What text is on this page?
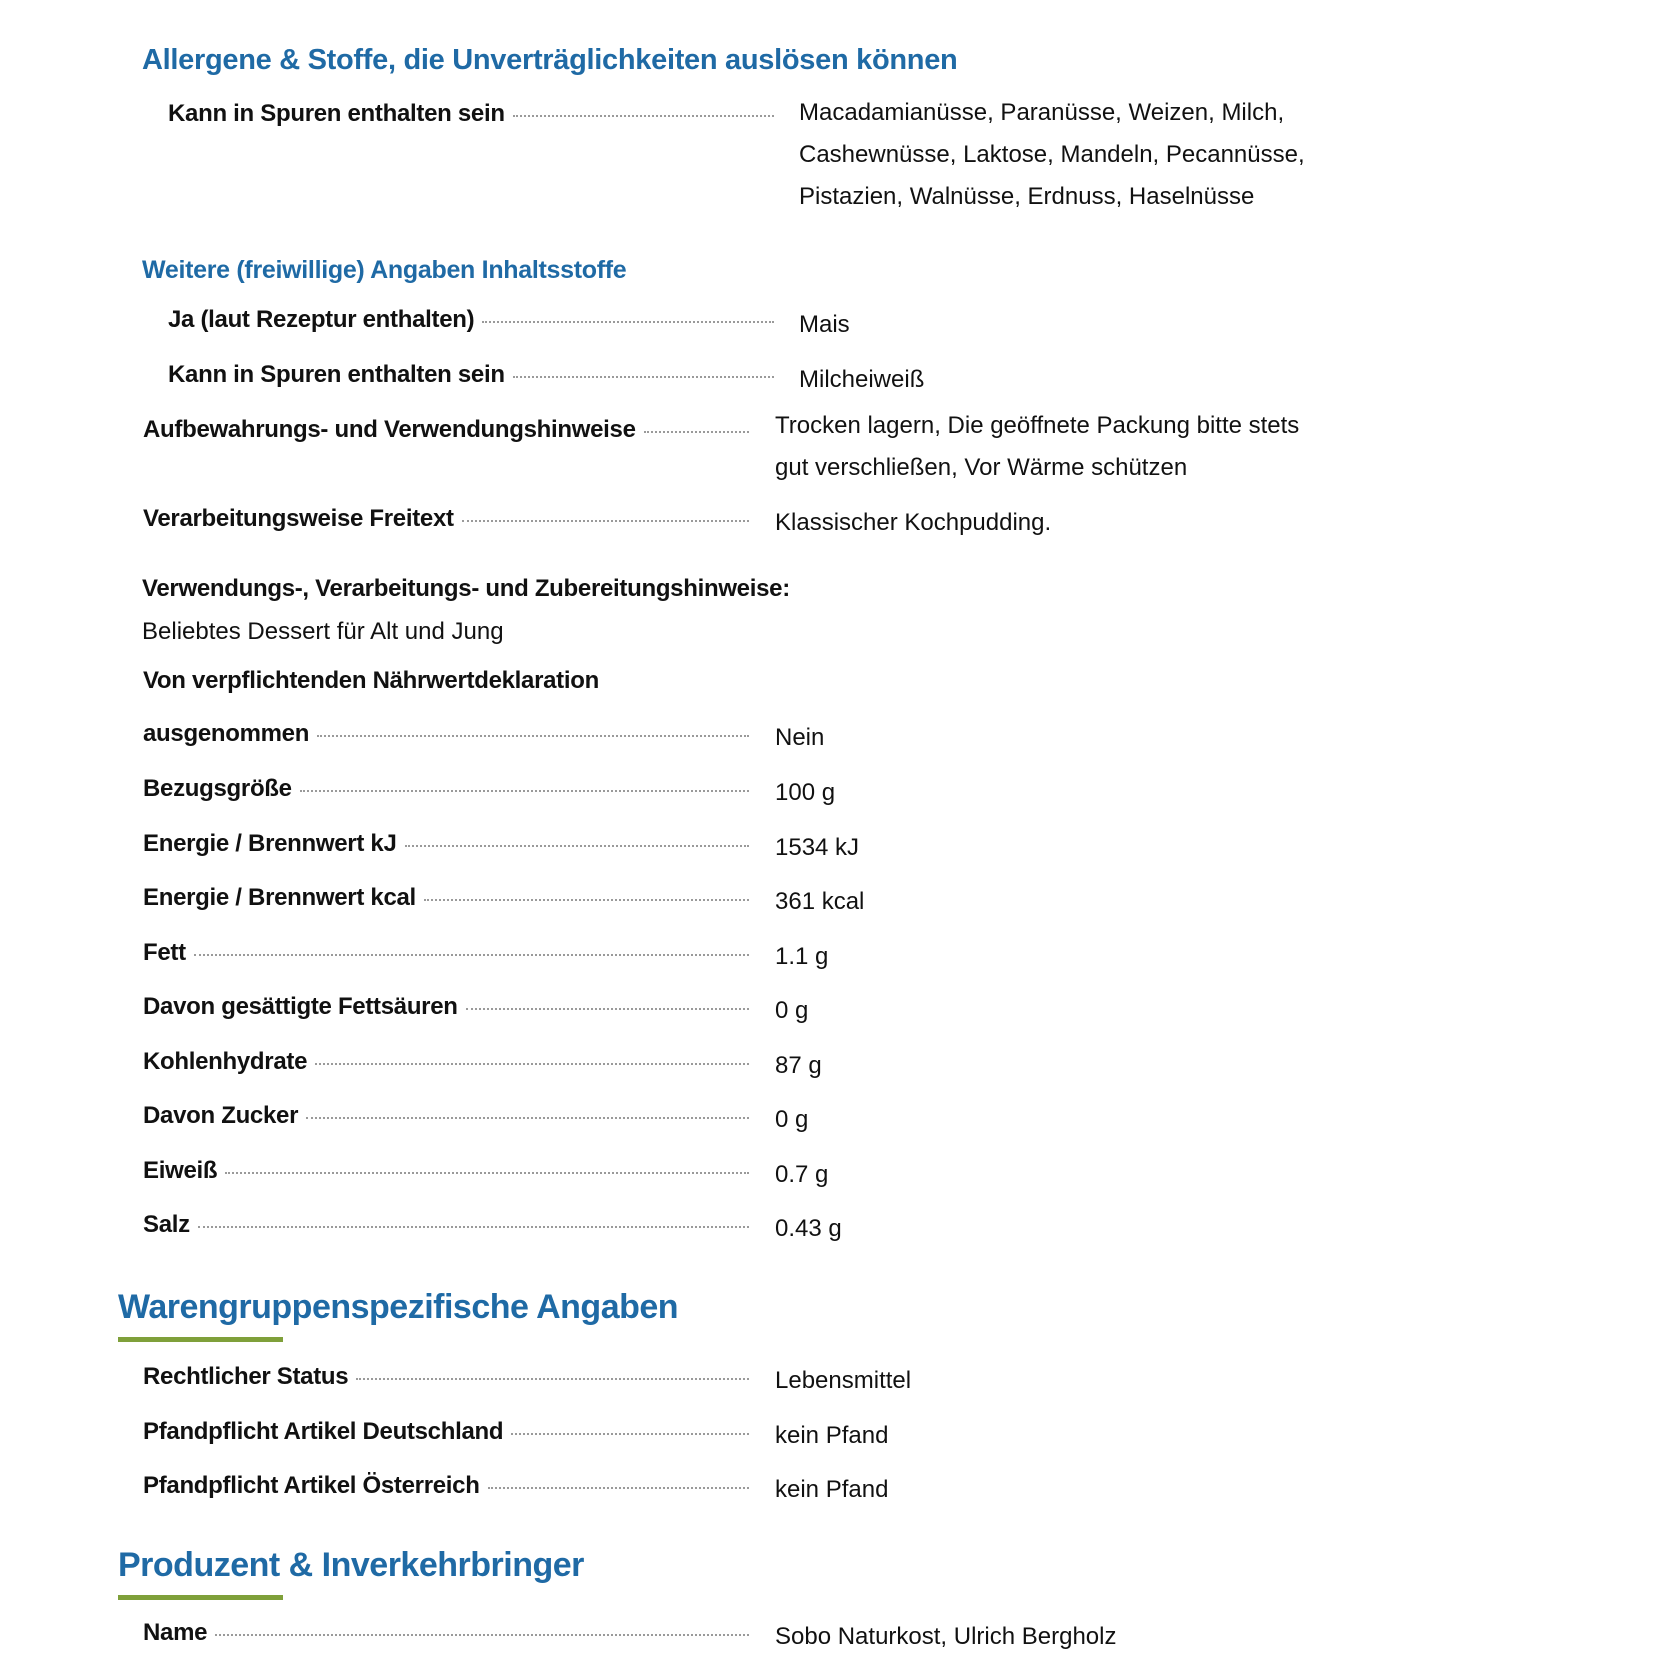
Allergene & Stoffe, die Unverträglichkeiten auslösen können
Kann in Spuren enthalten sein	Macadamianüsse, Paranüsse, Weizen, Milch,
Cashewnüsse, Laktose, Mandeln, Pecannüsse,
Pistazien, Walnüsse, Erdnuss, Haselnüsse
Weitere (freiwillige) Angaben Inhaltsstoffe
Ja (laut Rezeptur enthalten)	Mais
Kann in Spuren enthalten sein	Milcheiweiß
Aufbewahrungs- und Verwendungshinweise	Trocken lagern, Die geöffnete Packung bitte stets
gut verschließen, Vor Wärme schützen
Verarbeitungsweise Freitext	Klassischer Kochpudding.
Verwendungs-, Verarbeitungs- und Zubereitungshinweise:
Beliebtes Dessert für Alt und Jung
Von verpflichtenden Nährwertdeklaration
ausgenommen	Nein
Bezugsgröße	100 g
Energie / Brennwert kJ	1534 kJ
Energie / Brennwert kcal	361 kcal
Fett	1.1 g
Davon gesättigte Fettsäuren	0 g
Kohlenhydrate	87 g
Davon Zucker	0 g
Eiweiß	0.7 g
Salz	0.43 g
Warengruppenspezifische Angaben
Rechtlicher Status	Lebensmittel
Pfandpflicht Artikel Deutschland	kein Pfand
Pfandpflicht Artikel Österreich	kein Pfand
Produzent & Inverkehrbringer
Name	Sobo Naturkost, Ulrich Bergholz
